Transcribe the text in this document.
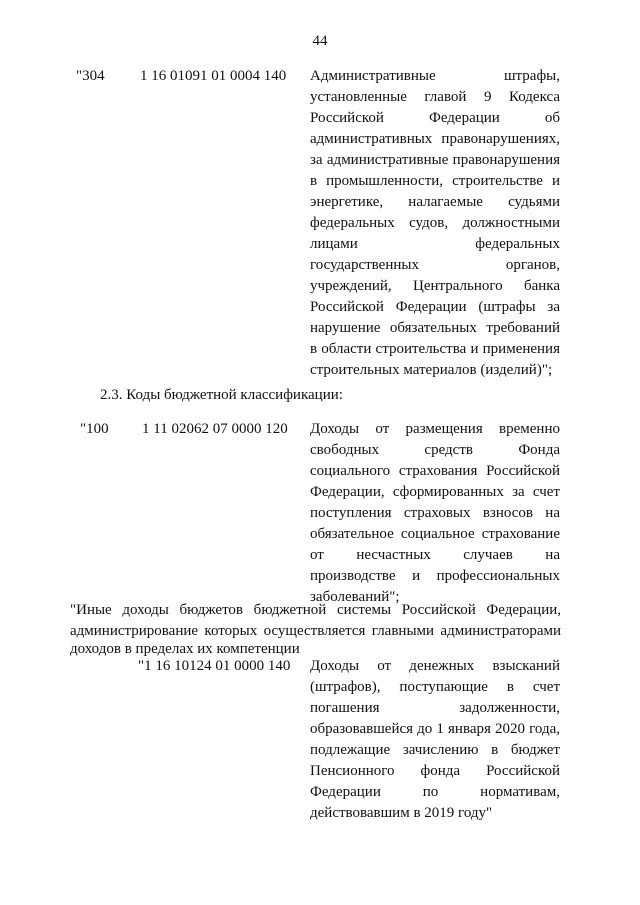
44
"304 1 16 01091 01 0004 140 Административные штрафы,
установленные главой 9 Кодекса
Российской Федерации об
административных правонарушениях,
за административные правонарушения
в промышленности, строительстве и
энергетике, налагаемые судьями
федеральных судов, должностными
лицами федеральных
государственных органов,
учреждений, Центрального банка
Российской Федерации (штрафы за
нарушение обязательных требований
в области строительства и применения
строительных материалов (изделий)";
2.3. Коды бюджетной классификации:
"100 1 11 02062 07 0000 120 Доходы от размещения временно
свободных средств Фонда
социального страхования Российской
Федерации, сформированных за счет
поступления страховых взносов на
обязательное социальное страхование
от несчастных случаев на
производстве и профессиональных
заболеваний";
"Иные доходы бюджетов бюджетной системы Российской Федерации,
администрирование которых осуществляется главными администраторами
доходов в пределах их компетенции
"1 16 10124 01 0000 140 Доходы от денежных взысканий
(штрафов), поступающие в счет
погашения задолженности,
образовавшейся до 1 января 2020 года,
подлежащие зачислению в бюджет
Пенсионного фонда Российской
Федерации по нормативам,
действовавшим в 2019 году"
